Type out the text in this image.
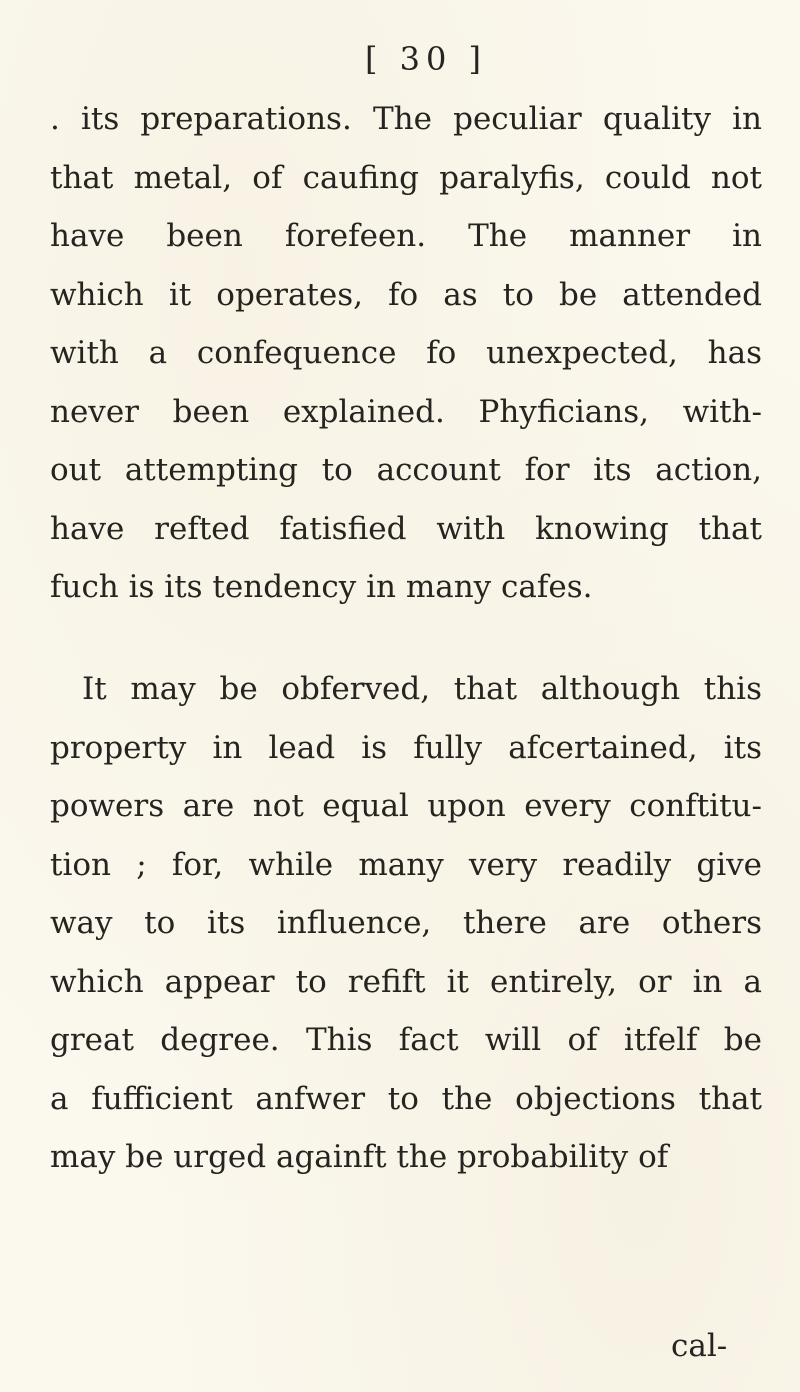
[ 30 ]
. its preparations. The peculiar quality in
that metal, of caufing paralyfis, could not
have been forefeen. The manner in
which it operates, fo as to be attended
with a confequence fo unexpected, has
never been explained. Phyficians, with-
out attempting to account for its action,
have refted fatisfied with knowing that
fuch is its tendency in many cafes.
It may be obferved, that although this
property in lead is fully afcertained, its
powers are not equal upon every conftitu-
tion ; for, while many very readily give
way to its influence, there are others
which appear to refift it entirely, or in a
great degree. This fact will of itfelf be
a fufficient anfwer to the objections that
may be urged againft the probability of
cal-
